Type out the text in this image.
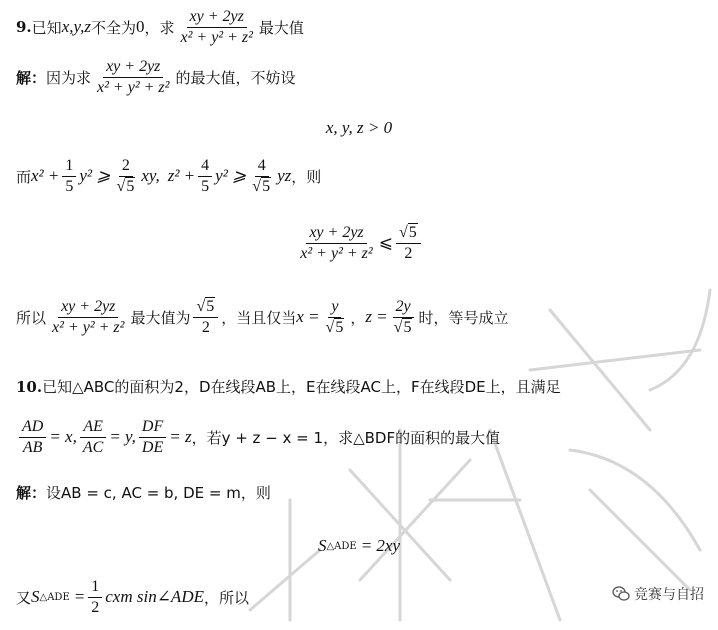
9. 已知 x,y,z 不全为 0 ，求 $\frac{xy + 2yz}{\text{x² + y² + z²}}$ 最大值
解： 因为求 $\frac{xy + 2yz}{\text{x² + y² + z²}}$ 的最大值，不妨设
x, y, z > 0
而 $x^2 + \frac{1}{5} y^2$ ⩾ $\frac{2}{√5}$ xy, $z^2 + \frac{4}{5} y^2$ ⩾ $\frac{4}{√5}$ yz ，则
$\frac{xy + 2yz}{\text{x² + y² + z²}}$ ⩽ $\frac{√5}{2}$
所以 $\frac{xy + 2yz}{\text{x² + y² + z²}}$ 最大值为 $\frac{√5}{2}$ ，当且仅当 $x = \frac{y}{√5}$ ， $z = \frac{2y}{√5}$ 时，等号成立
10. 已知△ABC的面积为2，D在线段AB上，E在线段AC上，F在线段DE上，且满足
$\frac{AD}{AB} = x$, $\frac{AE}{AC} = y$, $\frac{DF}{DE} = z$ ，若y + z − x = 1，求△BDF的面积的最大值
解： 设AB = c, AC = b, DE = m，则
S △ADE = 2xy
又 S △ADE = $\frac{1}{2}$ cxm sin∠ADE ，所以	竞赛与自招
